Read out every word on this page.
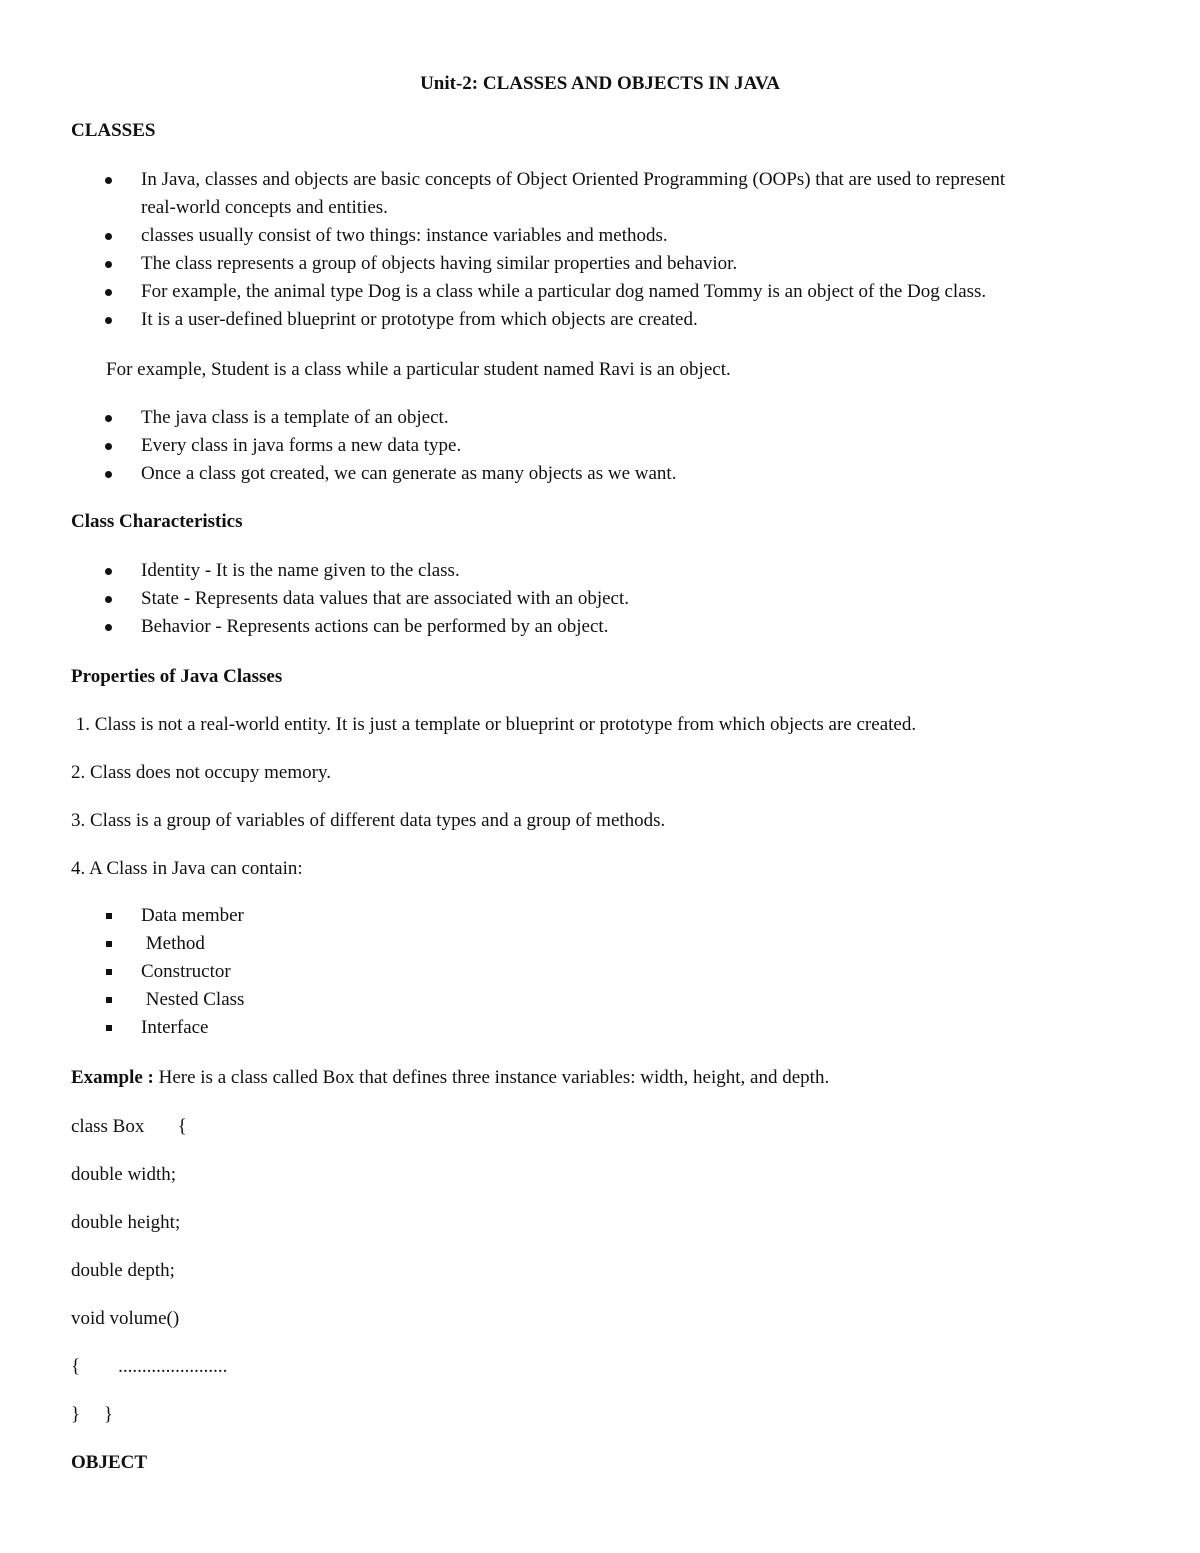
Unit-2: CLASSES AND OBJECTS IN JAVA
CLASSES
In Java, classes and objects are basic concepts of Object Oriented Programming (OOPs) that are used to represent
real-world concepts and entities.
classes usually consist of two things: instance variables and methods.
The class represents a group of objects having similar properties and behavior.
For example, the animal type Dog is a class while a particular dog named Tommy is an object of the Dog class.
It is a user-defined blueprint or prototype from which objects are created.
For example, Student is a class while a particular student named Ravi is an object.
The java class is a template of an object.
Every class in java forms a new data type.
Once a class got created, we can generate as many objects as we want.
Class Characteristics
Identity - It is the name given to the class.
State - Represents data values that are associated with an object.
Behavior - Represents actions can be performed by an object.
Properties of Java Classes
1. Class is not a real-world entity. It is just a template or blueprint or prototype from which objects are created.
2. Class does not occupy memory.
3. Class is a group of variables of different data types and a group of methods.
4. A Class in Java can contain:
Data member
Method
Constructor
Nested Class
Interface
Example : Here is a class called Box that defines three instance variables: width, height, and depth.
class Box       {
double width;
double height;
double depth;
void volume()
{        .......................
}     }
OBJECT
